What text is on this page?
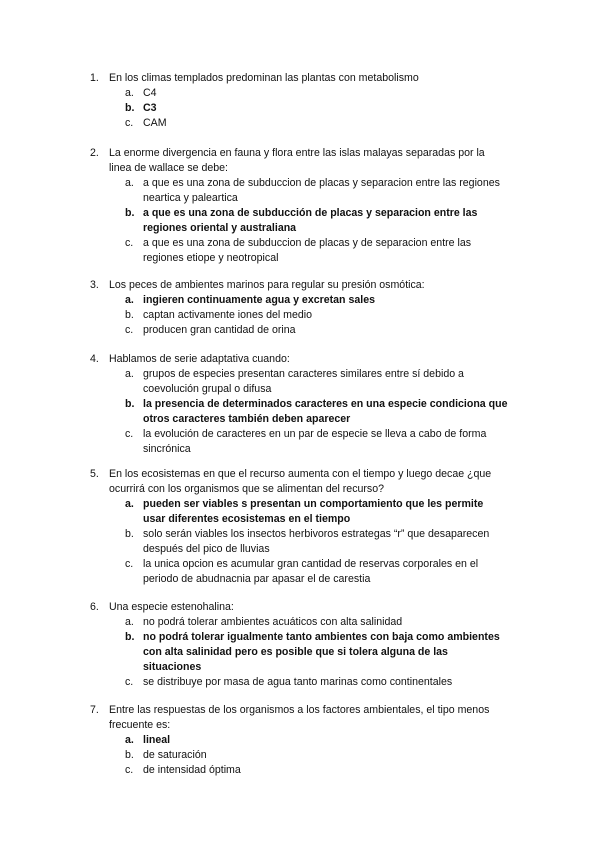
1. En los climas templados predominan las plantas con metabolismo
a. C4
b. C3
c. CAM
2. La enorme divergencia en fauna y flora entre las islas malayas separadas por la
linea de wallace se debe:
a. a que es una zona de subduccion de placas y separacion entre las regiones
neartica y paleartica
b. a que es una zona de subducción de placas y separacion entre las
regiones oriental y australiana
c. a que es una zona de subduccion de placas y de separacion entre las
regiones etiope y neotropical
3. Los peces de ambientes marinos para regular su presión osmótica:
a. ingieren continuamente agua y excretan sales
b. captan activamente iones del medio
c. producen gran cantidad de orina
4. Hablamos de serie adaptativa cuando:
a. grupos de especies presentan caracteres similares entre sí debido a
coevolución grupal o difusa
b. la presencia de determinados caracteres en una especie condiciona que
otros caracteres también deben aparecer
c. la evolución de caracteres en un par de especie se lleva a cabo de forma
sincrónica
5. En los ecosistemas en que el recurso aumenta con el tiempo y luego decae ¿que
ocurrirá con los organismos que se alimentan del recurso?
a. pueden ser viables s presentan un comportamiento que les permite
usar diferentes ecosistemas en el tiempo
b. solo serán viables los insectos herbivoros estrategas “r” que desaparecen
después del pico de lluvias
c. la unica opcion es acumular gran cantidad de reservas corporales en el
periodo de abudnacnia par apasar el de carestia
6. Una especie estenohalina:
a. no podrá tolerar ambientes acuáticos con alta salinidad
b. no podrá tolerar igualmente tanto ambientes con baja como ambientes
con alta salinidad pero es posible que si tolera alguna de las
situaciones
c. se distribuye por masa de agua tanto marinas como continentales
7. Entre las respuestas de los organismos a los factores ambientales, el tipo menos
frecuente es:
a. lineal
b. de saturación
c. de intensidad óptima
